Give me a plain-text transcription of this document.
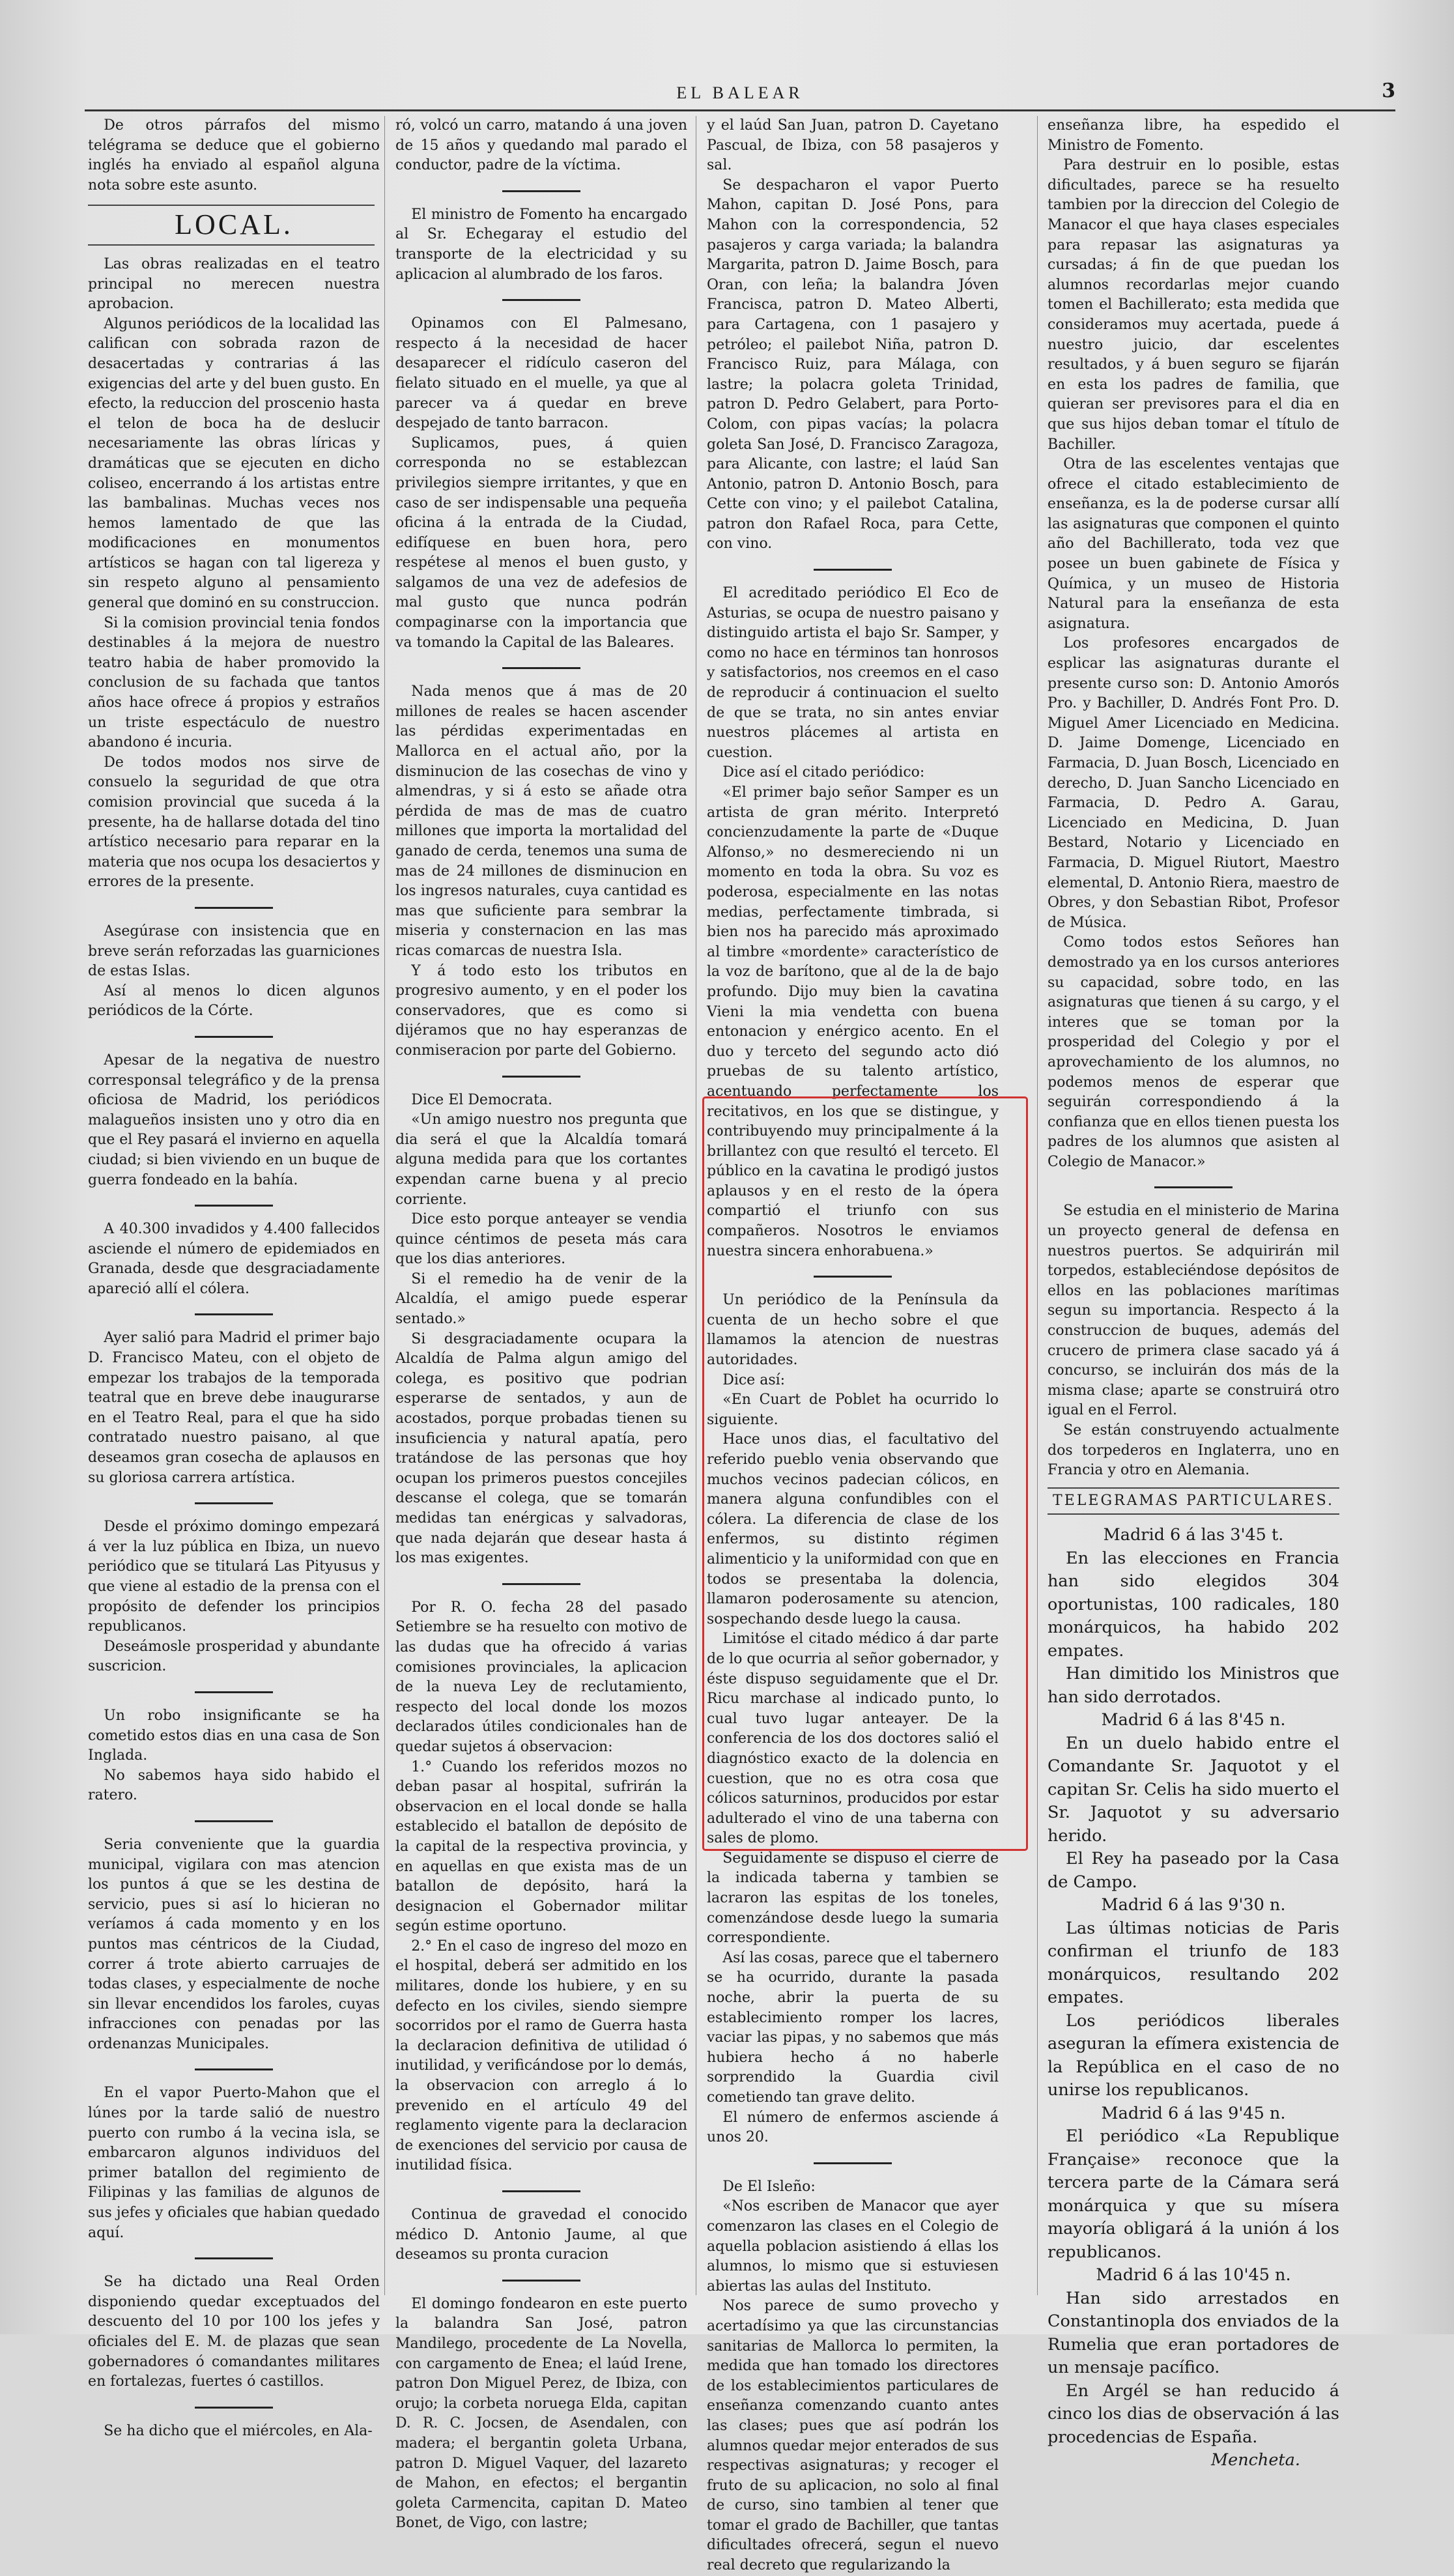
EL BALEAR	3

De otros párrafos del mismo telégrama se deduce que el gobierno inglés ha enviado al español alguna nota sobre este asunto.

LOCAL.

Las obras realizadas en el teatro principal no merecen nuestra aprobacion.

Algunos periódicos de la localidad las califican con sobrada razon de desacertadas y contrarias á las exigencias del arte y del buen gusto. En efecto, la reduccion del proscenio hasta el telon de boca ha de deslucir necesariamente las obras líricas y dramáticas que se ejecuten en dicho coliseo, encerrando á los artistas entre las bambalinas. Muchas veces nos hemos lamentado de que las modificaciones en monumentos artísticos se hagan con tal ligereza y sin respeto alguno al pensamiento general que dominó en su construccion.

Si la comision provincial tenia fondos destinables á la mejora de nuestro teatro habia de haber promovido la conclusion de su fachada que tantos años hace ofrece á propios y estraños un triste espectáculo de nuestro abandono é incuria.

De todos modos nos sirve de consuelo la seguridad de que otra comision provincial que suceda á la presente, ha de hallarse dotada del tino artístico necesario para reparar en la materia que nos ocupa los desaciertos y errores de la presente.

Asegúrase con insistencia que en breve serán reforzadas las guarniciones de estas Islas.

Así al menos lo dicen algunos periódicos de la Córte.

Apesar de la negativa de nuestro corresponsal telegráfico y de la prensa oficiosa de Madrid, los periódicos malagueños insisten uno y otro dia en que el Rey pasará el invierno en aquella ciudad; si bien viviendo en un buque de guerra fondeado en la bahía.

A 40.300 invadidos y 4.400 fallecidos asciende el número de epidemiados en Granada, desde que desgraciadamente apareció allí el cólera.

Ayer salió para Madrid el primer bajo D. Francisco Mateu, con el objeto de empezar los trabajos de la temporada teatral que en breve debe inaugurarse en el Teatro Real, para el que ha sido contratado nuestro paisano, al que deseamos gran cosecha de aplausos en su gloriosa carrera artística.

Desde el próximo domingo empezará á ver la luz pública en Ibiza, un nuevo periódico que se titulará Las Pityusus y que viene al estadio de la prensa con el propósito de defender los principios republicanos.

Deseámosle prosperidad y abundante suscricion.

Un robo insignificante se ha cometido estos dias en una casa de Son Inglada.

No sabemos haya sido habido el ratero.

Seria conveniente que la guardia municipal, vigilara con mas atencion los puntos á que se les destina de servicio, pues si así lo hicieran no veríamos á cada momento y en los puntos mas céntricos de la Ciudad, correr á trote abierto carruajes de todas clases, y especialmente de noche sin llevar encendidos los faroles, cuyas infracciones con penadas por las ordenanzas Municipales.

En el vapor Puerto-Mahon que el lúnes por la tarde salió de nuestro puerto con rumbo á la vecina isla, se embarcaron algunos individuos del primer batallon del regimiento de Filipinas y las familias de algunos de sus jefes y oficiales que habian quedado aquí.

Se ha dictado una Real Orden disponiendo quedar exceptuados del descuento del 10 por 100 los jefes y oficiales del E. M. de plazas que sean gobernadores ó comandantes militares en fortalezas, fuertes ó castillos.

Se ha dicho que el miércoles, en Ala-

ró, volcó un carro, matando á una joven de 15 años y quedando mal parado el conductor, padre de la víctima.

El ministro de Fomento ha encargado al Sr. Echegaray el estudio del transporte de la electricidad y su aplicacion al alumbrado de los faros.

Opinamos con El Palmesano, respecto á la necesidad de hacer desaparecer el ridículo caseron del fielato situado en el muelle, ya que al parecer va á quedar en breve despejado de tanto barracon.

Suplicamos, pues, á quien corresponda no se establezcan privilegios siempre irritantes, y que en caso de ser indispensable una pequeña oficina á la entrada de la Ciudad, edifíquese en buen hora, pero respétese al menos el buen gusto, y salgamos de una vez de adefesios de mal gusto que nunca podrán compaginarse con la importancia que va tomando la Capital de las Baleares.

Nada menos que á mas de 20 millones de reales se hacen ascender las pérdidas experimentadas en Mallorca en el actual año, por la disminucion de las cosechas de vino y almendras, y si á esto se añade otra pérdida de mas de mas de cuatro millones que importa la mortalidad del ganado de cerda, tenemos una suma de mas de 24 millones de disminucion en los ingresos naturales, cuya cantidad es mas que suficiente para sembrar la miseria y consternacion en las mas ricas comarcas de nuestra Isla.

Y á todo esto los tributos en progresivo aumento, y en el poder los conservadores, que es como si dijéramos que no hay esperanzas de conmiseracion por parte del Gobierno.

Dice El Democrata.

«Un amigo nuestro nos pregunta que dia será el que la Alcaldía tomará alguna medida para que los cortantes expendan carne buena y al precio corriente.

Dice esto porque anteayer se vendia quince céntimos de peseta más cara que los dias anteriores.

Si el remedio ha de venir de la Alcaldía, el amigo puede esperar sentado.»

Si desgraciadamente ocupara la Alcaldía de Palma algun amigo del colega, es positivo que podrian esperarse de sentados, y aun de acostados, porque probadas tienen su insuficiencia y natural apatía, pero tratándose de las personas que hoy ocupan los primeros puestos concejiles descanse el colega, que se tomarán medidas tan enérgicas y salvadoras, que nada dejarán que desear hasta á los mas exigentes.

Por R. O. fecha 28 del pasado Setiembre se ha resuelto con motivo de las dudas que ha ofrecido á varias comisiones provinciales, la aplicacion de la nueva Ley de reclutamiento, respecto del local donde los mozos declarados útiles condicionales han de quedar sujetos á observacion:

1.° Cuando los referidos mozos no deban pasar al hospital, sufrirán la observacion en el local donde se halla establecido el batallon de depósito de la capital de la respectiva provincia, y en aquellas en que exista mas de un batallon de depósito, hará la designacion el Gobernador militar según estime oportuno.

2.° En el caso de ingreso del mozo en el hospital, deberá ser admitido en los militares, donde los hubiere, y en su defecto en los civiles, siendo siempre socorridos por el ramo de Guerra hasta la declaracion definitiva de utilidad ó inutilidad, y verificándose por lo demás, la observacion con arreglo á lo prevenido en el artículo 49 del reglamento vigente para la declaracion de exenciones del servicio por causa de inutilidad física.

Continua de gravedad el conocido médico D. Antonio Jaume, al que deseamos su pronta curacion

El domingo fondearon en este puerto la balandra San José, patron Mandilego, procedente de La Novella, con cargamento de Enea; el laúd Irene, patron Don Miguel Perez, de Ibiza, con orujo; la corbeta noruega Elda, capitan D. R. C. Jocsen, de Asendalen, con madera; el bergantin goleta Urbana, patron D. Miguel Vaquer, del lazareto de Mahon, en efectos; el bergantin goleta Carmencita, capitan D. Mateo Bonet, de Vigo, con lastre;

y el laúd San Juan, patron D. Cayetano Pascual, de Ibiza, con 58 pasajeros y sal.

Se despacharon el vapor Puerto Mahon, capitan D. José Pons, para Mahon con la correspondencia, 52 pasajeros y carga variada; la balandra Margarita, patron D. Jaime Bosch, para Oran, con leña; la balandra Jóven Francisca, patron D. Mateo Alberti, para Cartagena, con 1 pasajero y petróleo; el pailebot Niña, patron D. Francisco Ruiz, para Málaga, con lastre; la polacra goleta Trinidad, patron D. Pedro Gelabert, para Porto-Colom, con pipas vacías; la polacra goleta San José, D. Francisco Zaragoza, para Alicante, con lastre; el laúd San Antonio, patron D. Antonio Bosch, para Cette con vino; y el pailebot Catalina, patron don Rafael Roca, para Cette, con vino.

El acreditado periódico El Eco de Asturias, se ocupa de nuestro paisano y distinguido artista el bajo Sr. Samper, y como no hace en términos tan honrosos y satisfactorios, nos creemos en el caso de reproducir á continuacion el suelto de que se trata, no sin antes enviar nuestros plácemes al artista en cuestion.

Dice así el citado periódico:

«El primer bajo señor Samper es un artista de gran mérito. Interpretó concienzudamente la parte de «Duque Alfonso,» no desmereciendo ni un momento en toda la obra. Su voz es poderosa, especialmente en las notas medias, perfectamente timbrada, si bien nos ha parecido más aproximado al timbre «mordente» característico de la voz de barítono, que al de la de bajo profundo. Dijo muy bien la cavatina Vieni la mia vendetta con buena entonacion y enérgico acento. En el duo y terceto del segundo acto dió pruebas de su talento artístico, acentuando perfectamente los recitativos, en los que se distingue, y contribuyendo muy principalmente á la brillantez con que resultó el terceto. El público en la cavatina le prodigó justos aplausos y en el resto de la ópera compartió el triunfo con sus compañeros. Nosotros le enviamos nuestra sincera enhorabuena.»

Un periódico de la Península da cuenta de un hecho sobre el que llamamos la atencion de nuestras autoridades.

Dice así:

«En Cuart de Poblet ha ocurrido lo siguiente.

Hace unos dias, el facultativo del referido pueblo venia observando que muchos vecinos padecian cólicos, en manera alguna confundibles con el cólera. La diferencia de clase de los enfermos, su distinto régimen alimenticio y la uniformidad con que en todos se presentaba la dolencia, llamaron poderosamente su atencion, sospechando desde luego la causa.

Limitóse el citado médico á dar parte de lo que ocurria al señor gobernador, y éste dispuso seguidamente que el Dr. Ricu marchase al indicado punto, lo cual tuvo lugar anteayer. De la conferencia de los dos doctores salió el diagnóstico exacto de la dolencia en cuestion, que no es otra cosa que cólicos saturninos, producidos por estar adulterado el vino de una taberna con sales de plomo.

Seguidamente se dispuso el cierre de la indicada taberna y tambien se lacraron las espitas de los toneles, comenzándose desde luego la sumaria correspondiente.

Así las cosas, parece que el tabernero se ha ocurrido, durante la pasada noche, abrir la puerta de su establecimiento romper los lacres, vaciar las pipas, y no sabemos que más hubiera hecho á no haberle sorprendido la Guardia civil cometiendo tan grave delito.

El número de enfermos asciende á unos 20.

De El Isleño:

«Nos escriben de Manacor que ayer comenzaron las clases en el Colegio de aquella poblacion asistiendo á ellas los alumnos, lo mismo que si estuviesen abiertas las aulas del Instituto.

Nos parece de sumo provecho y acertadísimo ya que las circunstancias sanitarias de Mallorca lo permiten, la medida que han tomado los directores de los establecimientos particulares de enseñanza comenzando cuanto antes las clases; pues que así podrán los alumnos quedar mejor enterados de sus respectivas asignaturas; y recoger el fruto de su aplicacion, no solo al final de curso, sino tambien al tener que tomar el grado de Bachiller, que tantas dificultades ofrecerá, segun el nuevo real decreto que regularizando la

enseñanza libre, ha espedido el Ministro de Fomento.

Para destruir en lo posible, estas dificultades, parece se ha resuelto tambien por la direccion del Colegio de Manacor el que haya clases especiales para repasar las asignaturas ya cursadas; á fin de que puedan los alumnos recordarlas mejor cuando tomen el Bachillerato; esta medida que consideramos muy acertada, puede á nuestro juicio, dar escelentes resultados, y á buen seguro se fijarán en esta los padres de familia, que quieran ser previsores para el dia en que sus hijos deban tomar el título de Bachiller.

Otra de las escelentes ventajas que ofrece el citado establecimiento de enseñanza, es la de poderse cursar allí las asignaturas que componen el quinto año del Bachillerato, toda vez que posee un buen gabinete de Física y Química, y un museo de Historia Natural para la enseñanza de esta asignatura.

Los profesores encargados de esplicar las asignaturas durante el presente curso son: D. Antonio Amorós Pro. y Bachiller, D. Andrés Font Pro. D. Miguel Amer Licenciado en Medicina. D. Jaime Domenge, Licenciado en Farmacia, D. Juan Bosch, Licenciado en derecho, D. Juan Sancho Licenciado en Farmacia, D. Pedro A. Garau, Licenciado en Medicina, D. Juan Bestard, Notario y Licenciado en Farmacia, D. Miguel Riutort, Maestro elemental, D. Antonio Riera, maestro de Obres, y don Sebastian Ribot, Profesor de Música.

Como todos estos Señores han demostrado ya en los cursos anteriores su capacidad, sobre todo, en las asignaturas que tienen á su cargo, y el interes que se toman por la prosperidad del Colegio y por el aprovechamiento de los alumnos, no podemos menos de esperar que seguirán correspondiendo á la confianza que en ellos tienen puesta los padres de los alumnos que asisten al Colegio de Manacor.»

Se estudia en el ministerio de Marina un proyecto general de defensa en nuestros puertos. Se adquirirán mil torpedos, estableciéndose depósitos de ellos en las poblaciones marítimas segun su importancia. Respecto á la construccion de buques, además del crucero de primera clase sacado yá á concurso, se incluirán dos más de la misma clase; aparte se construirá otro igual en el Ferrol.

Se están construyendo actualmente dos torpederos en Inglaterra, uno en Francia y otro en Alemania.

TELEGRAMAS PARTICULARES.

Madrid 6 á las 3'45 t.

En las elecciones en Francia han sido elegidos 304 oportunistas, 100 radicales, 180 monárquicos, ha habido 202 empates.

Han dimitido los Ministros que han sido derrotados.

Madrid 6 á las 8'45 n.

En un duelo habido entre el Comandante Sr. Jaquotot y el capitan Sr. Celis ha sido muerto el Sr. Jaquotot y su adversario herido.

El Rey ha paseado por la Casa de Campo.

Madrid 6 á las 9'30 n.

Las últimas noticias de Paris confirman el triunfo de 183 monárquicos, resultando 202 empates.

Los periódicos liberales aseguran la efímera existencia de la República en el caso de no unirse los republicanos.

Madrid 6 á las 9'45 n.

El periódico «La Republique Française» reconoce que la tercera parte de la Cámara será monárquica y que su mísera mayoría obligará á la unión á los republicanos.

Madrid 6 á las 10'45 n.

Han sido arrestados en Constantinopla dos enviados de la Rumelia que eran portadores de un mensaje pacífico.

En Argél se han reducido á cinco los dias de observación á las procedencias de España.

Mencheta.
